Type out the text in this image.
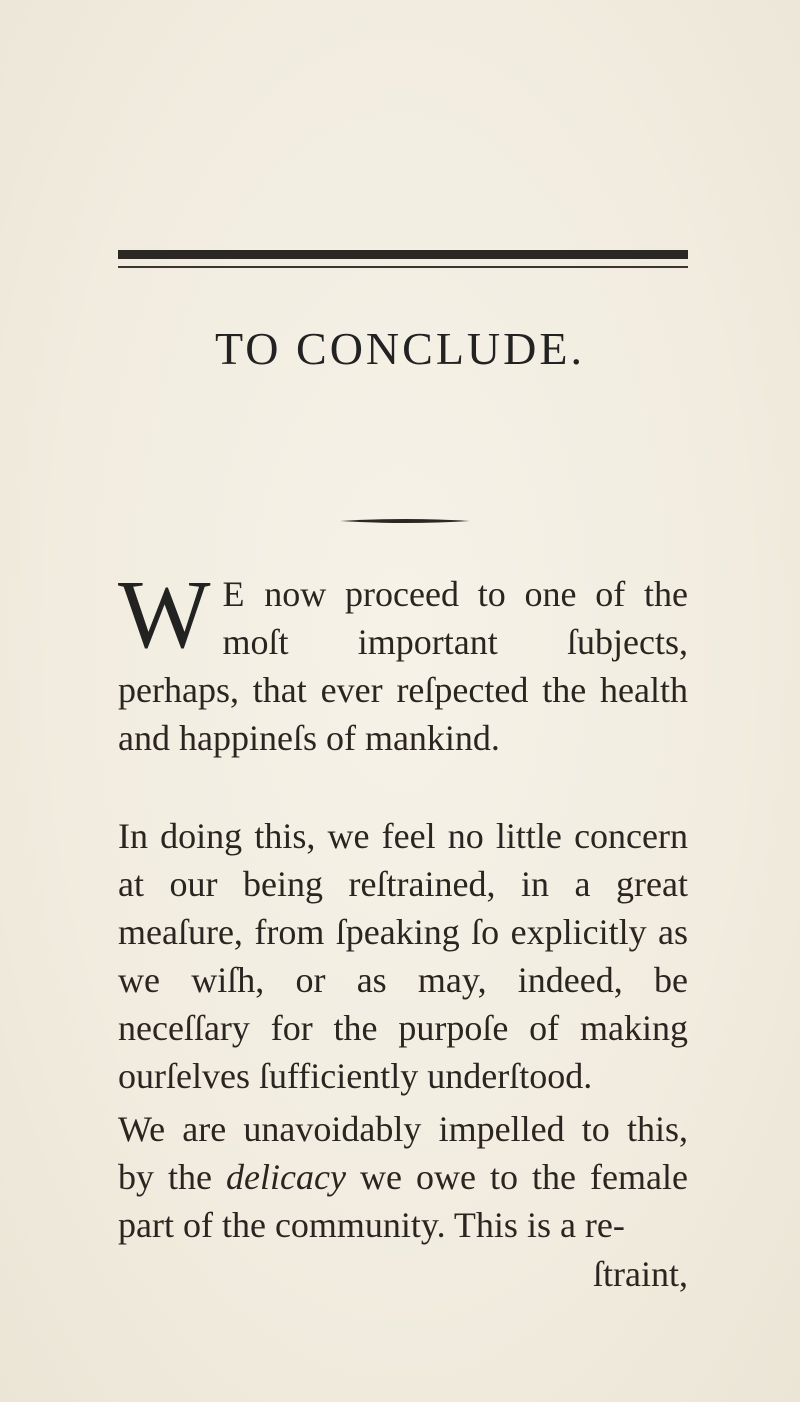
TO CONCLUDE.

W E now proceed to one of the moſt important ſubjects, perhaps, that ever reſpected the health and happineſs of mankind.

In doing this, we feel no little concern at our being reſtrained, in a great meaſure, from ſpeaking ſo explicitly as we wiſh, or as may, indeed, be neceſſary for the purpoſe of making ourſelves ſufficiently underſtood.

We are unavoidably impelled to this, by the delicacy we owe to the female part of the community. This is a re-

ſtraint,
